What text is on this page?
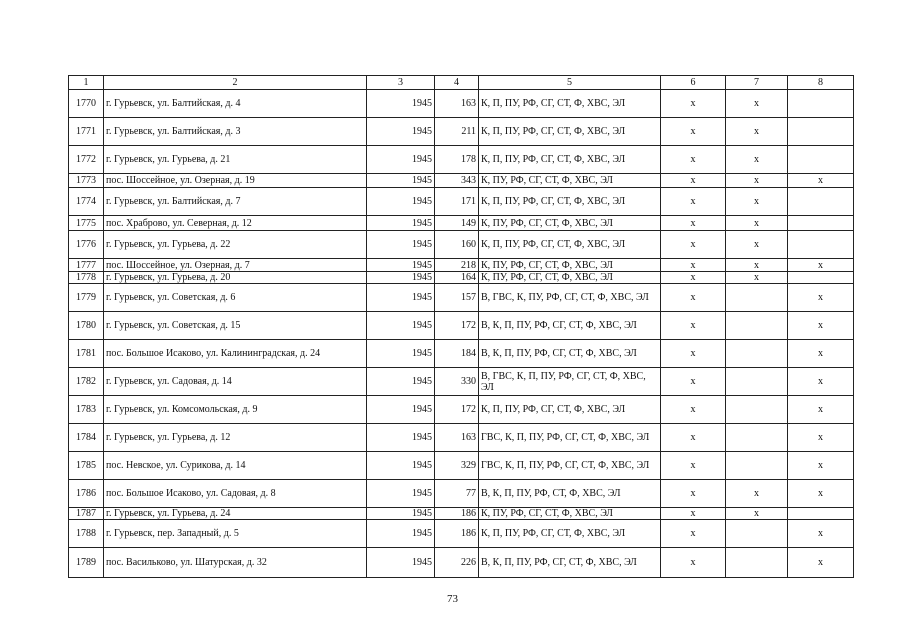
1	2	3	4	5	6	7	8
1770	г. Гурьевск, ул. Балтийская, д. 4	1945	163	К, П, ПУ, РФ, СГ, СТ, Ф, ХВС, ЭЛ	х	х	
1771	г. Гурьевск, ул. Балтийская, д. 3	1945	211	К, П, ПУ, РФ, СГ, СТ, Ф, ХВС, ЭЛ	х	х	
1772	г. Гурьевск, ул. Гурьева, д. 21	1945	178	К, П, ПУ, РФ, СГ, СТ, Ф, ХВС, ЭЛ	х	х	
1773	пос. Шоссейное, ул. Озерная, д. 19	1945	343	К, ПУ, РФ, СГ, СТ, Ф, ХВС, ЭЛ	х	х	х
1774	г. Гурьевск, ул. Балтийская, д. 7	1945	171	К, П, ПУ, РФ, СГ, СТ, Ф, ХВС, ЭЛ	х	х	
1775	пос. Храброво, ул. Северная, д. 12	1945	149	К, ПУ, РФ, СГ, СТ, Ф, ХВС, ЭЛ	х	х	
1776	г. Гурьевск, ул. Гурьева, д. 22	1945	160	К, П, ПУ, РФ, СГ, СТ, Ф, ХВС, ЭЛ	х	х	
1777	пос. Шоссейное, ул. Озерная, д. 7	1945	218	К, ПУ, РФ, СГ, СТ, Ф, ХВС, ЭЛ	х	х	х
1778	г. Гурьевск, ул. Гурьева, д. 20	1945	164	К, ПУ, РФ, СГ, СТ, Ф, ХВС, ЭЛ	х	х	
1779	г. Гурьевск, ул. Советская, д. 6	1945	157	В, ГВС, К, ПУ, РФ, СГ, СТ, Ф, ХВС, ЭЛ	х		х
1780	г. Гурьевск, ул. Советская, д. 15	1945	172	В, К, П, ПУ, РФ, СГ, СТ, Ф, ХВС, ЭЛ	х		х
1781	пос. Большое Исаково, ул. Калининградская, д. 24	1945	184	В, К, П, ПУ, РФ, СГ, СТ, Ф, ХВС, ЭЛ	х		х
1782	г. Гурьевск, ул. Садовая, д. 14	1945	330	В, ГВС, К, П, ПУ, РФ, СГ, СТ, Ф, ХВС, ЭЛ	х		х
1783	г. Гурьевск, ул. Комсомольская, д. 9	1945	172	К, П, ПУ, РФ, СГ, СТ, Ф, ХВС, ЭЛ	х		х
1784	г. Гурьевск, ул. Гурьева, д. 12	1945	163	ГВС, К, П, ПУ, РФ, СГ, СТ, Ф, ХВС, ЭЛ	х		х
1785	пос. Невское, ул. Сурикова, д. 14	1945	329	ГВС, К, П, ПУ, РФ, СГ, СТ, Ф, ХВС, ЭЛ	х		х
1786	пос. Большое Исаково, ул. Садовая, д. 8	1945	77	В, К, П, ПУ, РФ, СТ, Ф, ХВС, ЭЛ	х	х	х
1787	г. Гурьевск, ул. Гурьева, д. 24	1945	186	К, ПУ, РФ, СГ, СТ, Ф, ХВС, ЭЛ	х	х	
1788	г. Гурьевск, пер. Западный, д. 5	1945	186	К, П, ПУ, РФ, СГ, СТ, Ф, ХВС, ЭЛ	х		х
1789	пос. Васильково, ул. Шатурская, д. 32	1945	226	В, К, П, ПУ, РФ, СГ, СТ, Ф, ХВС, ЭЛ	х		х
73
